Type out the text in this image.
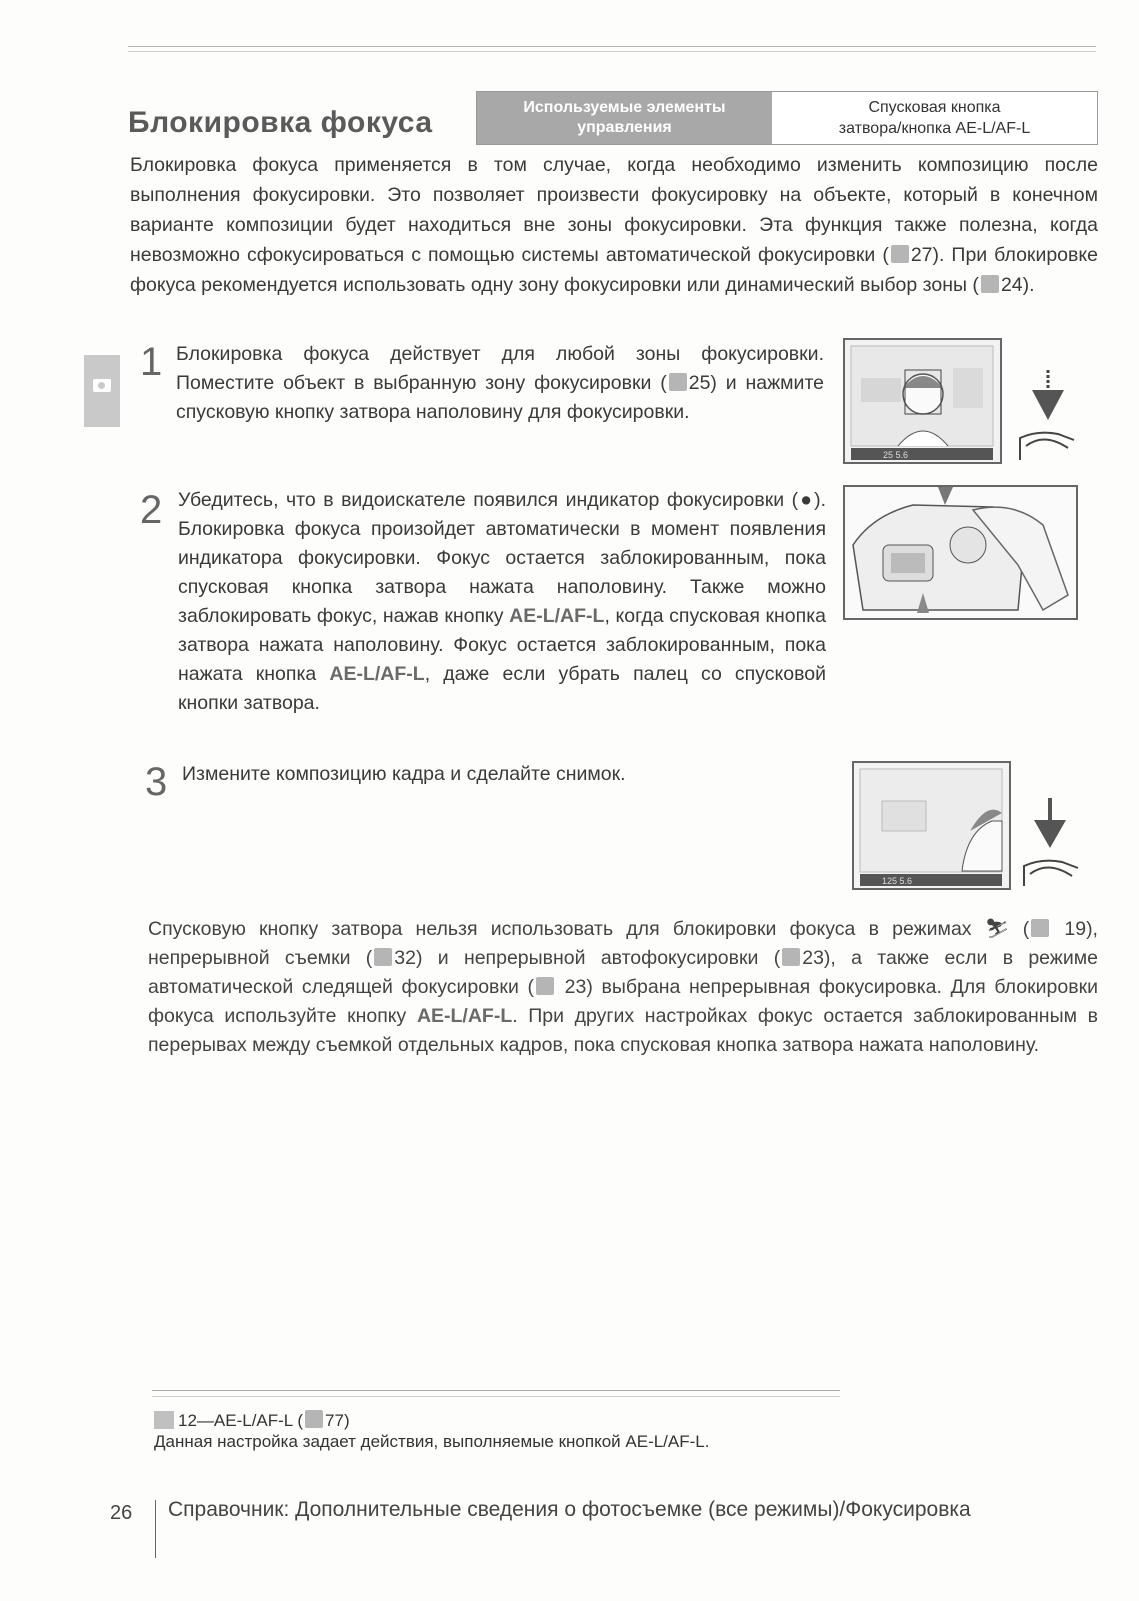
Блокировка фокуса	Используемые элементы
управления
Спусковая кнопка
затвора/кнопка AE-L/AF-L
Блокировка фокуса применяется в том случае, когда необходимо изменить композицию после выполнения фокусировки. Это позволяет произвести фокусировку на объекте, который в конечном варианте композиции будет находиться вне зоны фокусировки. Эта функция также полезна, когда невозможно сфокусироваться с помощью системы автоматической фокусировки ( 27). При блокировке фокуса рекомендуется использовать одну зону фокусировки или динамический выбор зоны ( 24).
1 Блокировка фокуса действует для любой зоны фокусировки. Поместите объект в выбранную зону фокусировки ( 25) и нажмите спусковую кнопку затвора наполовину для фокусировки.
25 5.6
2 Убедитесь, что в видоискателе появился индикатор фокусировки (●). Блокировка фокуса произойдет автоматически в момент появления индикатора фокусировки. Фокус остается заблокированным, пока спусковая кнопка затвора нажата наполовину. Также можно заблокировать фокус, нажав кнопку AE-L/AF-L, когда спусковая кнопка затвора нажата наполовину. Фокус остается заблокированным, пока нажата кнопка AE-L/AF-L, даже если убрать палец со спусковой кнопки затвора.
3 Измените композицию кадра и сделайте снимок.
125 5.6
Спусковую кнопку затвора нельзя использовать для блокировки фокуса в режимах ⛷ ( 19), непрерывной съемки ( 32) и непрерывной автофокусировки ( 23), а также если в режиме автоматической следящей фокусировки ( 23) выбрана непрерывная фокусировка. Для блокировки фокуса используйте кнопку AE-L/AF-L. При других настройках фокус остается заблокированным в перерывах между съемкой отдельных кадров, пока спусковая кнопка затвора нажата наполовину.
12—AE-L/AF-L ( 77)
Данная настройка задает действия, выполняемые кнопкой AE-L/AF-L.
26 Справочник: Дополнительные сведения о фотосъемке (все режимы)/Фокусировка
